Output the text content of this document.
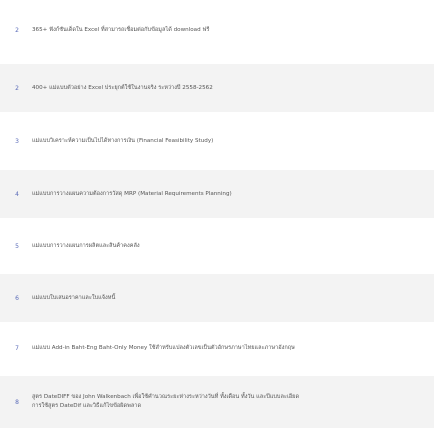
2 365+ ฟังก์ชันเด็ดใน Excel ที่สามารถเชื่อมต่อกับข้อมูลได้ download ฟรี
2 400+ แม่แบบตัวอย่าง Excel ประยุกต์ใช้ในงานจริง ระหว่างปี 2558-2562
3 แม่แบบวิเคราะห์ความเป็นไปได้ทางการเงิน (Financial Feasibility Study)
4 แม่แบบการวางแผนความต้องการวัสดุ MRP (Material Requirements Planning)
5 แม่แบบการวางแผนการผลิตและสินค้าคงคลัง
6 แม่แบบใบเสนอราคาและใบแจ้งหนี้
7 แม่แบบ Add-in Baht-Eng Baht-Only Money ใช้สำหรับแปลงตัวเลขเป็นตัวอักษรภาษาไทยและภาษาอังกฤษ
8
สูตร DateDIFF ของ John Walkenbach เพื่อใช้คำนวณระยะห่างระหว่างวันที่ ทั้งเดือน ทั้งวัน และปีแบบละเอียด
การใช้สูตร DateDif และวิธีแก้ไขข้อผิดพลาด
